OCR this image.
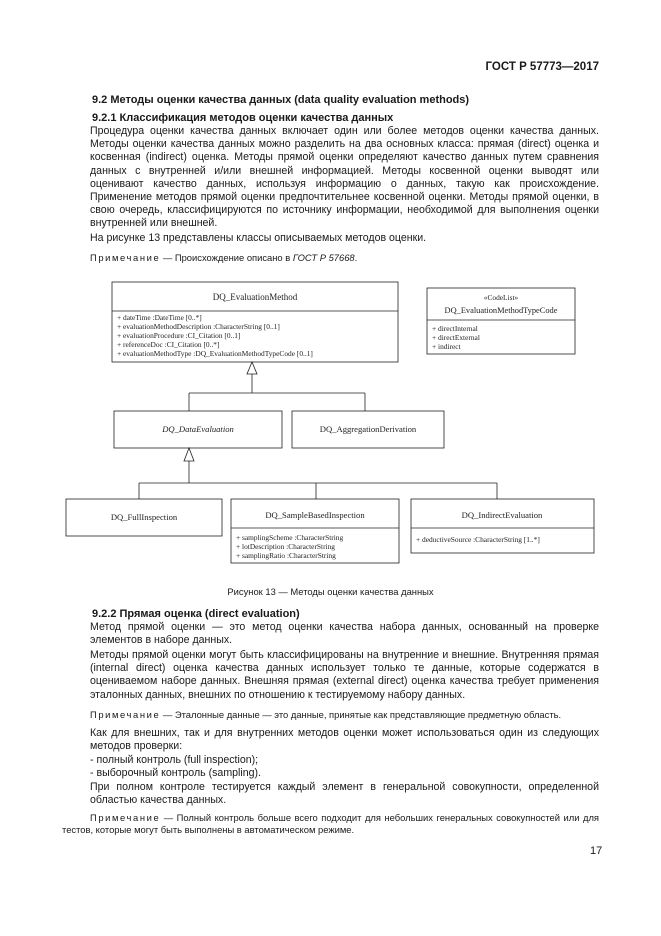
ГОСТ Р 57773—2017
9.2 Методы оценки качества данных (data quality evaluation methods)
9.2.1 Классификация методов оценки качества данных

Процедура оценки качества данных включает один или более методов оценки качества данных. Методы оценки качества данных можно разделить на два основных класса: прямая (direct) оценка и косвенная (indirect) оценка. Методы прямой оценки определяют качество данных путем сравнения данных с внутренней и/или внешней информацией. Методы косвенной оценки выводят или оценивают качество данных, используя информацию о данных, такую как происхождение. Применение методов прямой оценки предпочтительнее косвенной оценки. Методы прямой оценки, в свою очередь, классифицируются по источнику информации, необходимой для выполнения оценки внутренней или внешней.

На рисунке 13 представлены классы описываемых методов оценки.

Примечание — Происхождение описано в ГОСТ Р 57668.

DQ_EvaluationMethod
+ dateTime :DateTime [0..*]
+ evaluationMethodDescription :CharacterString [0..1]
+ evaluationProcedure :CI_Citation [0..1]
+ referenceDoc :CI_Citation [0..*]
+ evaluationMethodType :DQ_EvaluationMethodTypeCode [0..1]
«CodeList»
DQ_EvaluationMethodTypeCode
+ directInternal
+ directExternal
+ indirect
DQ_DataEvaluation	DQ_AggregationDerivation
DQ_FullInspection	DQ_SampleBasedInspection
+ samplingScheme :CharacterString
+ lotDescription :CharacterString
+ samplingRatio :CharacterString
DQ_IndirectEvaluation
+ deductiveSource :CharacterString [1..*]
Рисунок 13 — Методы оценки качества данных
9.2.2 Прямая оценка (direct evaluation)

Метод прямой оценки — это метод оценки качества набора данных, основанный на проверке элементов в наборе данных.

Методы прямой оценки могут быть классифицированы на внутренние и внешние. Внутренняя прямая (internal direct) оценка качества данных использует только те данные, которые содержатся в оцениваемом наборе данных. Внешняя прямая (external direct) оценка качества требует применения эталонных данных, внешних по отношению к тестируемому набору данных.

Примечание — Эталонные данные — это данные, принятые как представляющие предметную область.

Как для внешних, так и для внутренних методов оценки может использоваться один из следующих методов проверки:

- полный контроль (full inspection);
- выборочный контроль (sampling).

При полном контроле тестируется каждый элемент в генеральной совокупности, определенной областью качества данных.

Примечание — Полный контроль больше всего подходит для небольших генеральных совокупностей или для тестов, которые могут быть выполнены в автоматическом режиме.

17
